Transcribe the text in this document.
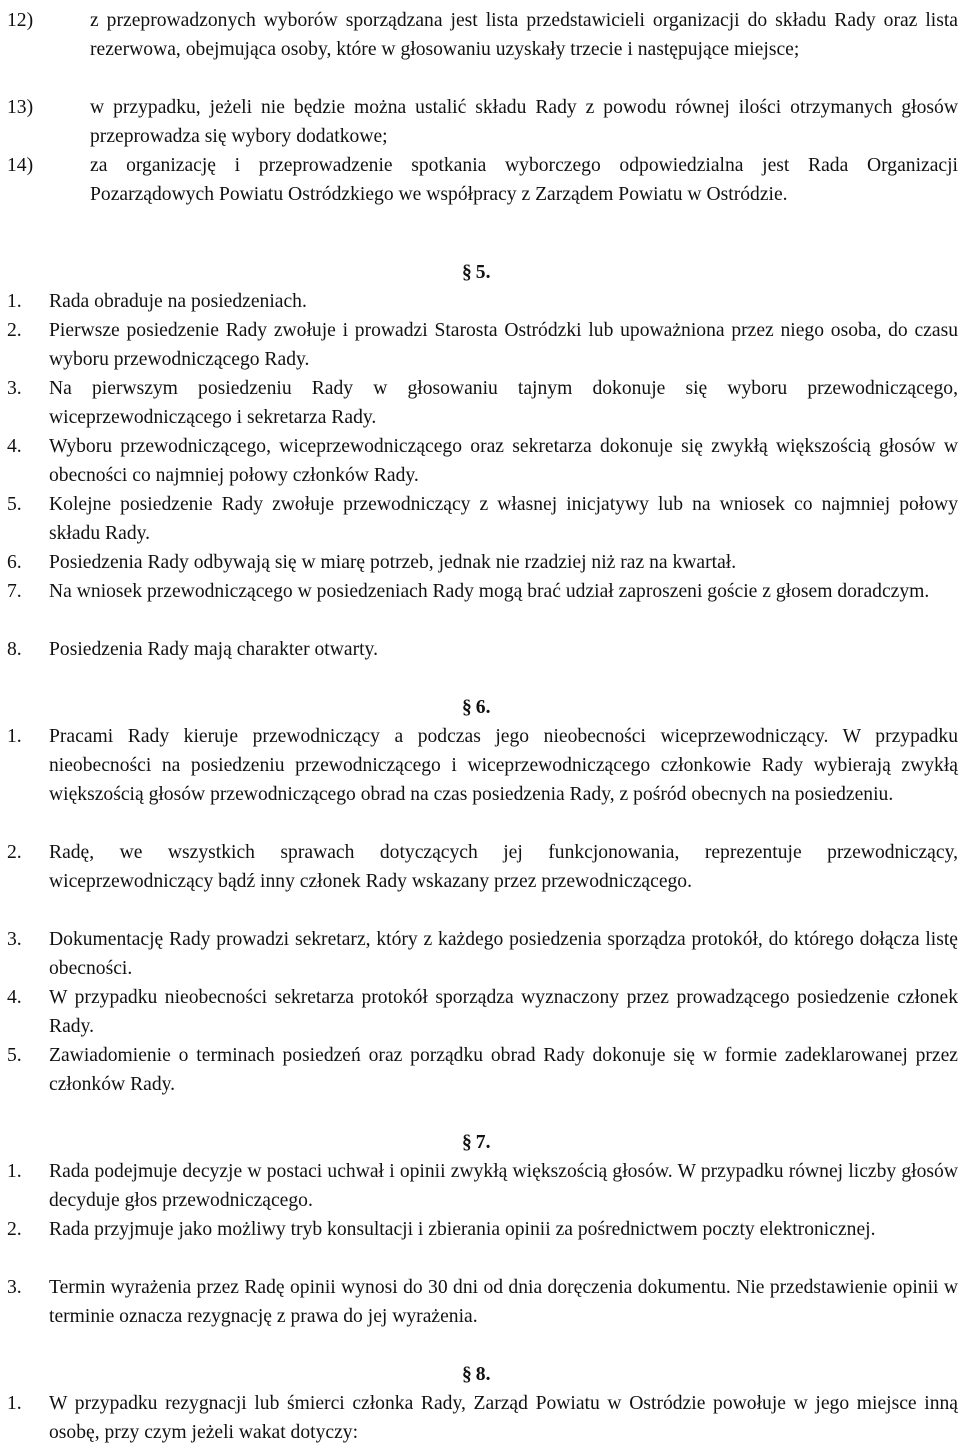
12)	z przeprowadzonych wyborów sporządzana jest lista przedstawicieli organizacji do składu Rady oraz lista rezerwowa, obejmująca osoby, które w głosowaniu uzyskały trzecie i następujące miejsce;

13)	w przypadku, jeżeli nie będzie można ustalić składu Rady z powodu równej ilości otrzymanych głosów przeprowadza się wybory dodatkowe;

14)	za organizację i przeprowadzenie spotkania wyborczego odpowiedzialna jest Rada Organizacji Pozarządowych Powiatu Ostródzkiego we współpracy z Zarządem Powiatu w Ostródzie.

§ 5.

1. Rada obraduje na posiedzeniach.

2. Pierwsze posiedzenie Rady zwołuje i prowadzi Starosta Ostródzki lub upoważniona przez niego osoba, do czasu wyboru przewodniczącego Rady.

3. Na pierwszym posiedzeniu Rady w głosowaniu tajnym dokonuje się wyboru przewodniczącego, wiceprzewodniczącego i sekretarza Rady.

4. Wyboru przewodniczącego, wiceprzewodniczącego oraz sekretarza dokonuje się zwykłą większością głosów w obecności co najmniej połowy członków Rady.

5. Kolejne posiedzenie Rady zwołuje przewodniczący z własnej inicjatywy lub na wniosek co najmniej połowy składu Rady.

6. Posiedzenia Rady odbywają się w miarę potrzeb, jednak nie rzadziej niż raz na kwartał.

7. Na wniosek przewodniczącego w posiedzeniach Rady mogą brać udział zaproszeni goście z głosem doradczym.

8. Posiedzenia Rady mają charakter otwarty.

§ 6.

1. Pracami Rady kieruje przewodniczący a podczas jego nieobecności wiceprzewodniczący. W przypadku nieobecności na posiedzeniu przewodniczącego i wiceprzewodniczącego członkowie Rady wybierają zwykłą większością głosów przewodniczącego obrad na czas posiedzenia Rady, z pośród obecnych na posiedzeniu.

2. Radę, we wszystkich sprawach dotyczących jej funkcjonowania, reprezentuje przewodniczący, wiceprzewodniczący bądź inny członek Rady wskazany przez przewodniczącego.

3. Dokumentację Rady prowadzi sekretarz, który z każdego posiedzenia sporządza protokół, do którego dołącza listę obecności.

4. W przypadku nieobecności sekretarza protokół sporządza wyznaczony przez prowadzącego posiedzenie członek Rady.

5. Zawiadomienie o terminach posiedzeń oraz porządku obrad Rady dokonuje się w formie zadeklarowanej przez członków Rady.

§ 7.

1. Rada podejmuje decyzje w postaci uchwał i opinii zwykłą większością głosów. W przypadku równej liczby głosów decyduje głos przewodniczącego.

2. Rada przyjmuje jako możliwy tryb konsultacji i zbierania opinii za pośrednictwem poczty elektronicznej.

3. Termin wyrażenia przez Radę opinii wynosi do 30 dni od dnia doręczenia dokumentu. Nie przedstawienie opinii w terminie oznacza rezygnację z prawa do jej wyrażenia.

§ 8.

1. W przypadku rezygnacji lub śmierci członka Rady, Zarząd Powiatu w Ostródzie powołuje w jego miejsce inną osobę, przy czym jeżeli wakat dotyczy:
